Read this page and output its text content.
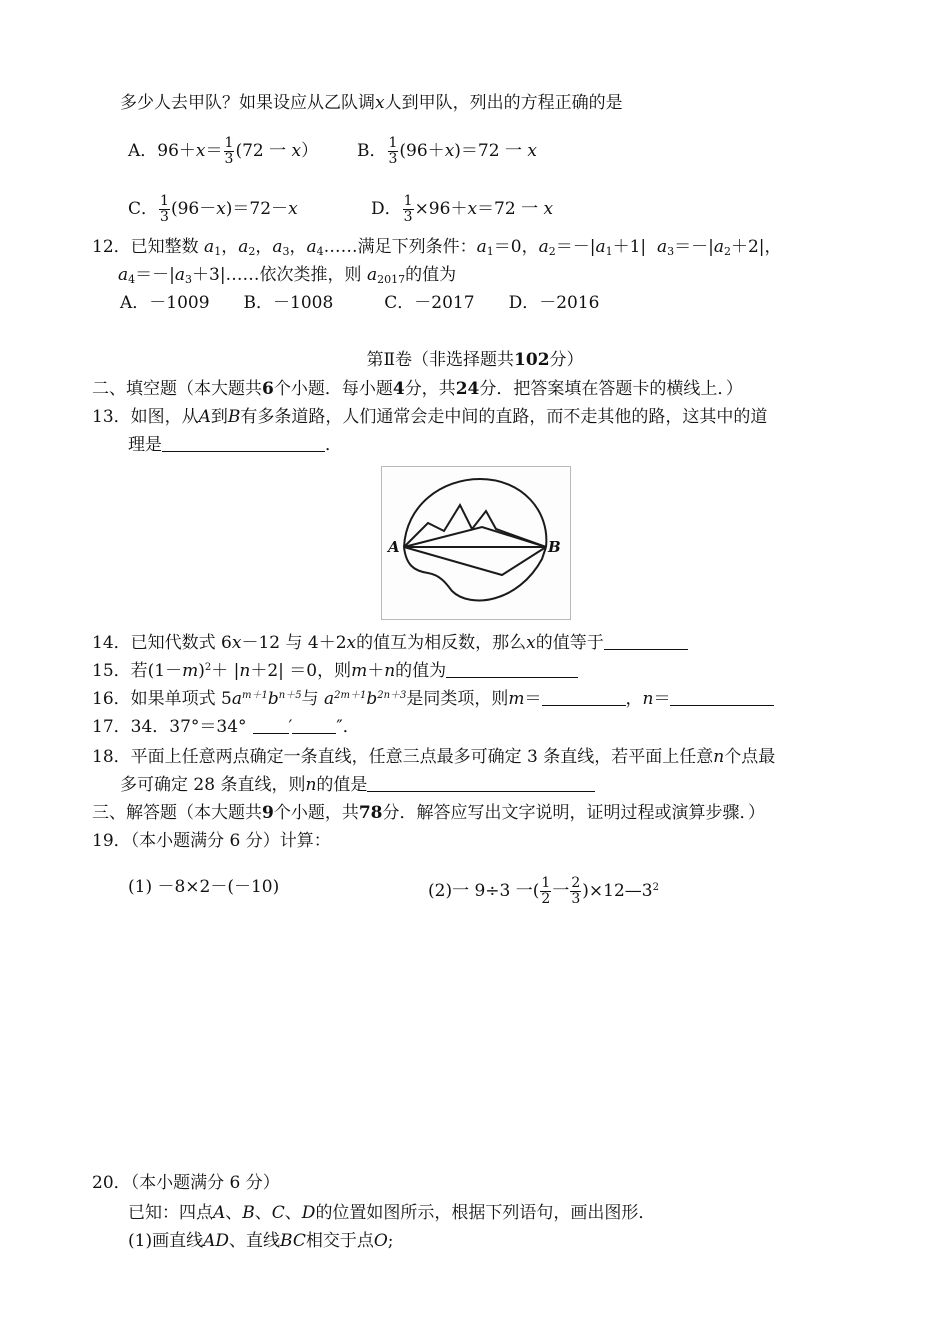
多少人去甲队？如果设应从乙队调x人到甲队，列出的方程正确的是
A．$96+x= \frac{1}{3} (72$ 一 x） B． $\frac{1}{3} (96+x)=72$ 一 x
C． $\frac{1}{3} (96-x)=72-x$	D． $\frac{1}{3} \times 96+x=72$ 一 x
12．已知整数 $a_1$，$a_2$，$a_3$，$a_4\dots\dots$满足下列条件：$a_1=0$，$a_2=-|a_1+1|$ $a_3=-|a_2+2|$，
$a_4=-|a_3+3|\dots\dots$依次类推，则 $a_{2017}$的值为
A．－1009　　B．－1008　　　C．－2017　　D．－2016
第Ⅱ卷（非选择题共102分）
二、填空题（本大题共6个小题．每小题4分，共24分．把答案填在答题卡的横线上．）
13．如图，从A到B有多条道路，人们通常会走中间的直路，而不走其他的路，这其中的道
理是	．
A	B
14．已知代数式 6x－12 与 4＋2x的值互为相反数，那么x的值等于
15．若$(1-m)^2+ |n+2| =0$，则m＋n的值为
16．如果单项式 $5a^{m+1}b^{n+5}$与 $a^{2m+1}b^{2n+3}$是同类项，则m＝	，n＝
17．34．37°＝34° ′	″．
18．平面上任意两点确定一条直线，任意三点最多可确定 3 条直线，若平面上任意n个点最
多可确定 28 条直线，则n的值是
三、解答题（本大题共9个小题，共78分．解答应写出文字说明，证明过程或演算步骤．）
19．（本小题满分 6 分）计算：
(1) －8×2－(－10)	(2)一 9÷3 一( $\frac{1}{2}$ 一 $\frac{2}{3}$ )$\times 12—3^2$
20．（本小题满分 6 分）
已知：四点A、B、C、D的位置如图所示，根据下列语句，画出图形．
(1)画直线AD、直线BC相交于点O;
